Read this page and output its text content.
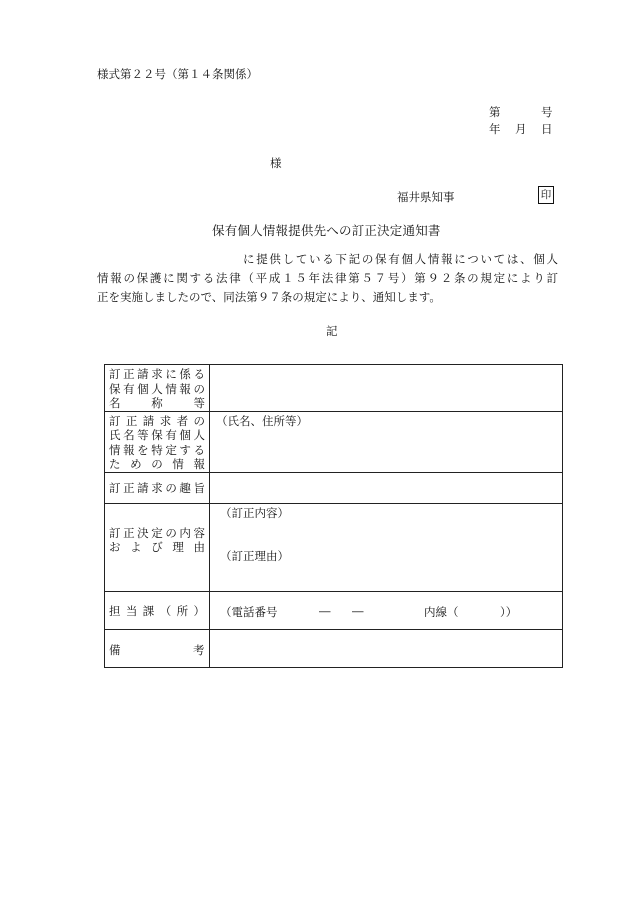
様式第２２号（第１４条関係）
第	号
年 月 日
様
福井県知事	印
保有個人情報提供先への訂正決定通知書
に提供している下記の保有個人情報については、個人
情報の保護に関する法律（平成１５年法律第５７号）第９２条の規定により訂
正を実施しましたので、同法第９７条の規定により、通知します。
記
訂正請求に係る
保有個人情報の
名　　称　　等	

訂正請求者の
氏名等保有個人
情報を特定する
ための情報	（氏名、住所等）

訂正請求の趣旨	

訂正決定の内容
および理由	（訂正内容）
（訂正理由）

担当課（所）	（電話番号 ― ― 内線（ ））

備 考	
